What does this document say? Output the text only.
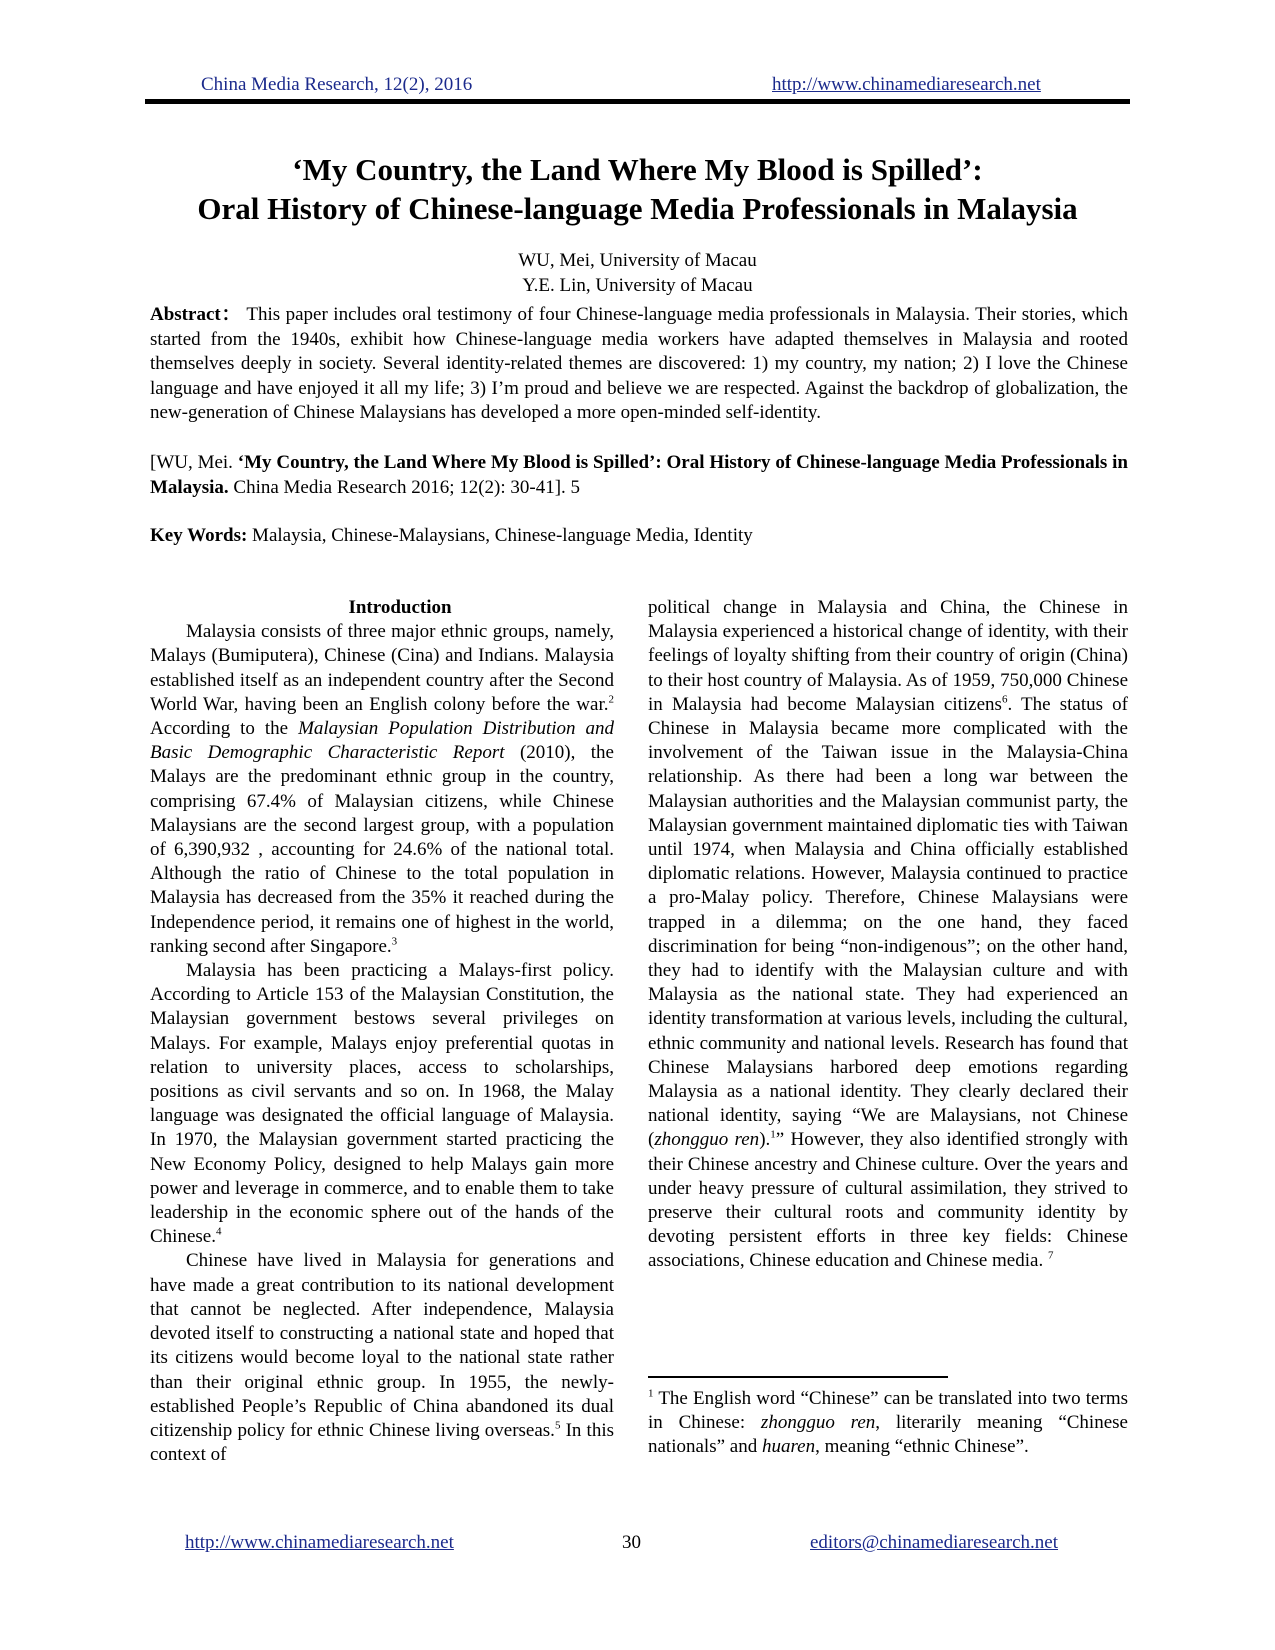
China Media Research, 12(2), 2016	http://www.chinamediaresearch.net
‘My Country, the Land Where My Blood is Spilled’:
Oral History of Chinese-language Media Professionals in Malaysia
WU, Mei, University of Macau
Y.E. Lin, University of Macau

Abstract： This paper includes oral testimony of four Chinese-language media professionals in Malaysia. Their stories, which started from the 1940s, exhibit how Chinese-language media workers have adapted themselves in Malaysia and rooted themselves deeply in society. Several identity-related themes are discovered: 1) my country, my nation; 2) I love the Chinese language and have enjoyed it all my life; 3) I’m proud and believe we are respected. Against the backdrop of globalization, the new-generation of Chinese Malaysians has developed a more open-minded self-identity.

[WU, Mei. ‘My Country, the Land Where My Blood is Spilled’: Oral History of Chinese-language Media Professionals in Malaysia. China Media Research 2016; 12(2): 30-41]. 5

Key Words: Malaysia, Chinese-Malaysians, Chinese-language Media, Identity

Introduction

Malaysia consists of three major ethnic groups, namely, Malays (Bumiputera), Chinese (Cina) and Indians. Malaysia established itself as an independent country after the Second World War, having been an English colony before the war.$^2$ According to the Malaysian Population Distribution and Basic Demographic Characteristic Report (2010), the Malays are the predominant ethnic group in the country, comprising 67.4% of Malaysian citizens, while Chinese Malaysians are the second largest group, with a population of 6,390,932 , accounting for 24.6% of the national total. Although the ratio of Chinese to the total population in Malaysia has decreased from the 35% it reached during the Independence period, it remains one of highest in the world, ranking second after Singapore.$^3$

Malaysia has been practicing a Malays-first policy. According to Article 153 of the Malaysian Constitution, the Malaysian government bestows several privileges on Malays. For example, Malays enjoy preferential quotas in relation to university places, access to scholarships, positions as civil servants and so on. In 1968, the Malay language was designated the official language of Malaysia. In 1970, the Malaysian government started practicing the New Economy Policy, designed to help Malays gain more power and leverage in commerce, and to enable them to take leadership in the economic sphere out of the hands of the Chinese.$^4$

Chinese have lived in Malaysia for generations and have made a great contribution to its national development that cannot be neglected. After independence, Malaysia devoted itself to constructing a national state and hoped that its citizens would become loyal to the national state rather than their original ethnic group. In 1955, the newly-established People’s Republic of China abandoned its dual citizenship policy for ethnic Chinese living overseas.$^5$ In this context of

political change in Malaysia and China, the Chinese in Malaysia experienced a historical change of identity, with their feelings of loyalty shifting from their country of origin (China) to their host country of Malaysia. As of 1959, 750,000 Chinese in Malaysia had become Malaysian citizens$^6$. The status of Chinese in Malaysia became more complicated with the involvement of the Taiwan issue in the Malaysia-China relationship. As there had been a long war between the Malaysian authorities and the Malaysian communist party, the Malaysian government maintained diplomatic ties with Taiwan until 1974, when Malaysia and China officially established diplomatic relations. However, Malaysia continued to practice a pro-Malay policy. Therefore, Chinese Malaysians were trapped in a dilemma; on the one hand, they faced discrimination for being “non-indigenous”; on the other hand, they had to identify with the Malaysian culture and with Malaysia as the national state. They had experienced an identity transformation at various levels, including the cultural, ethnic community and national levels. Research has found that Chinese Malaysians harbored deep emotions regarding Malaysia as a national identity. They clearly declared their national identity, saying “We are Malaysians, not Chinese (zhongguo ren).$^1$” However, they also identified strongly with their Chinese ancestry and Chinese culture. Over the years and under heavy pressure of cultural assimilation, they strived to preserve their cultural roots and community identity by devoting persistent efforts in three key fields: Chinese associations, Chinese education and Chinese media. $^7$

$^1$ The English word “Chinese” can be translated into two terms in Chinese: zhongguo ren, literarily meaning “Chinese nationals” and huaren, meaning “ethnic Chinese”.

http://www.chinamediaresearch.net	30	editors@chinamediaresearch.net
